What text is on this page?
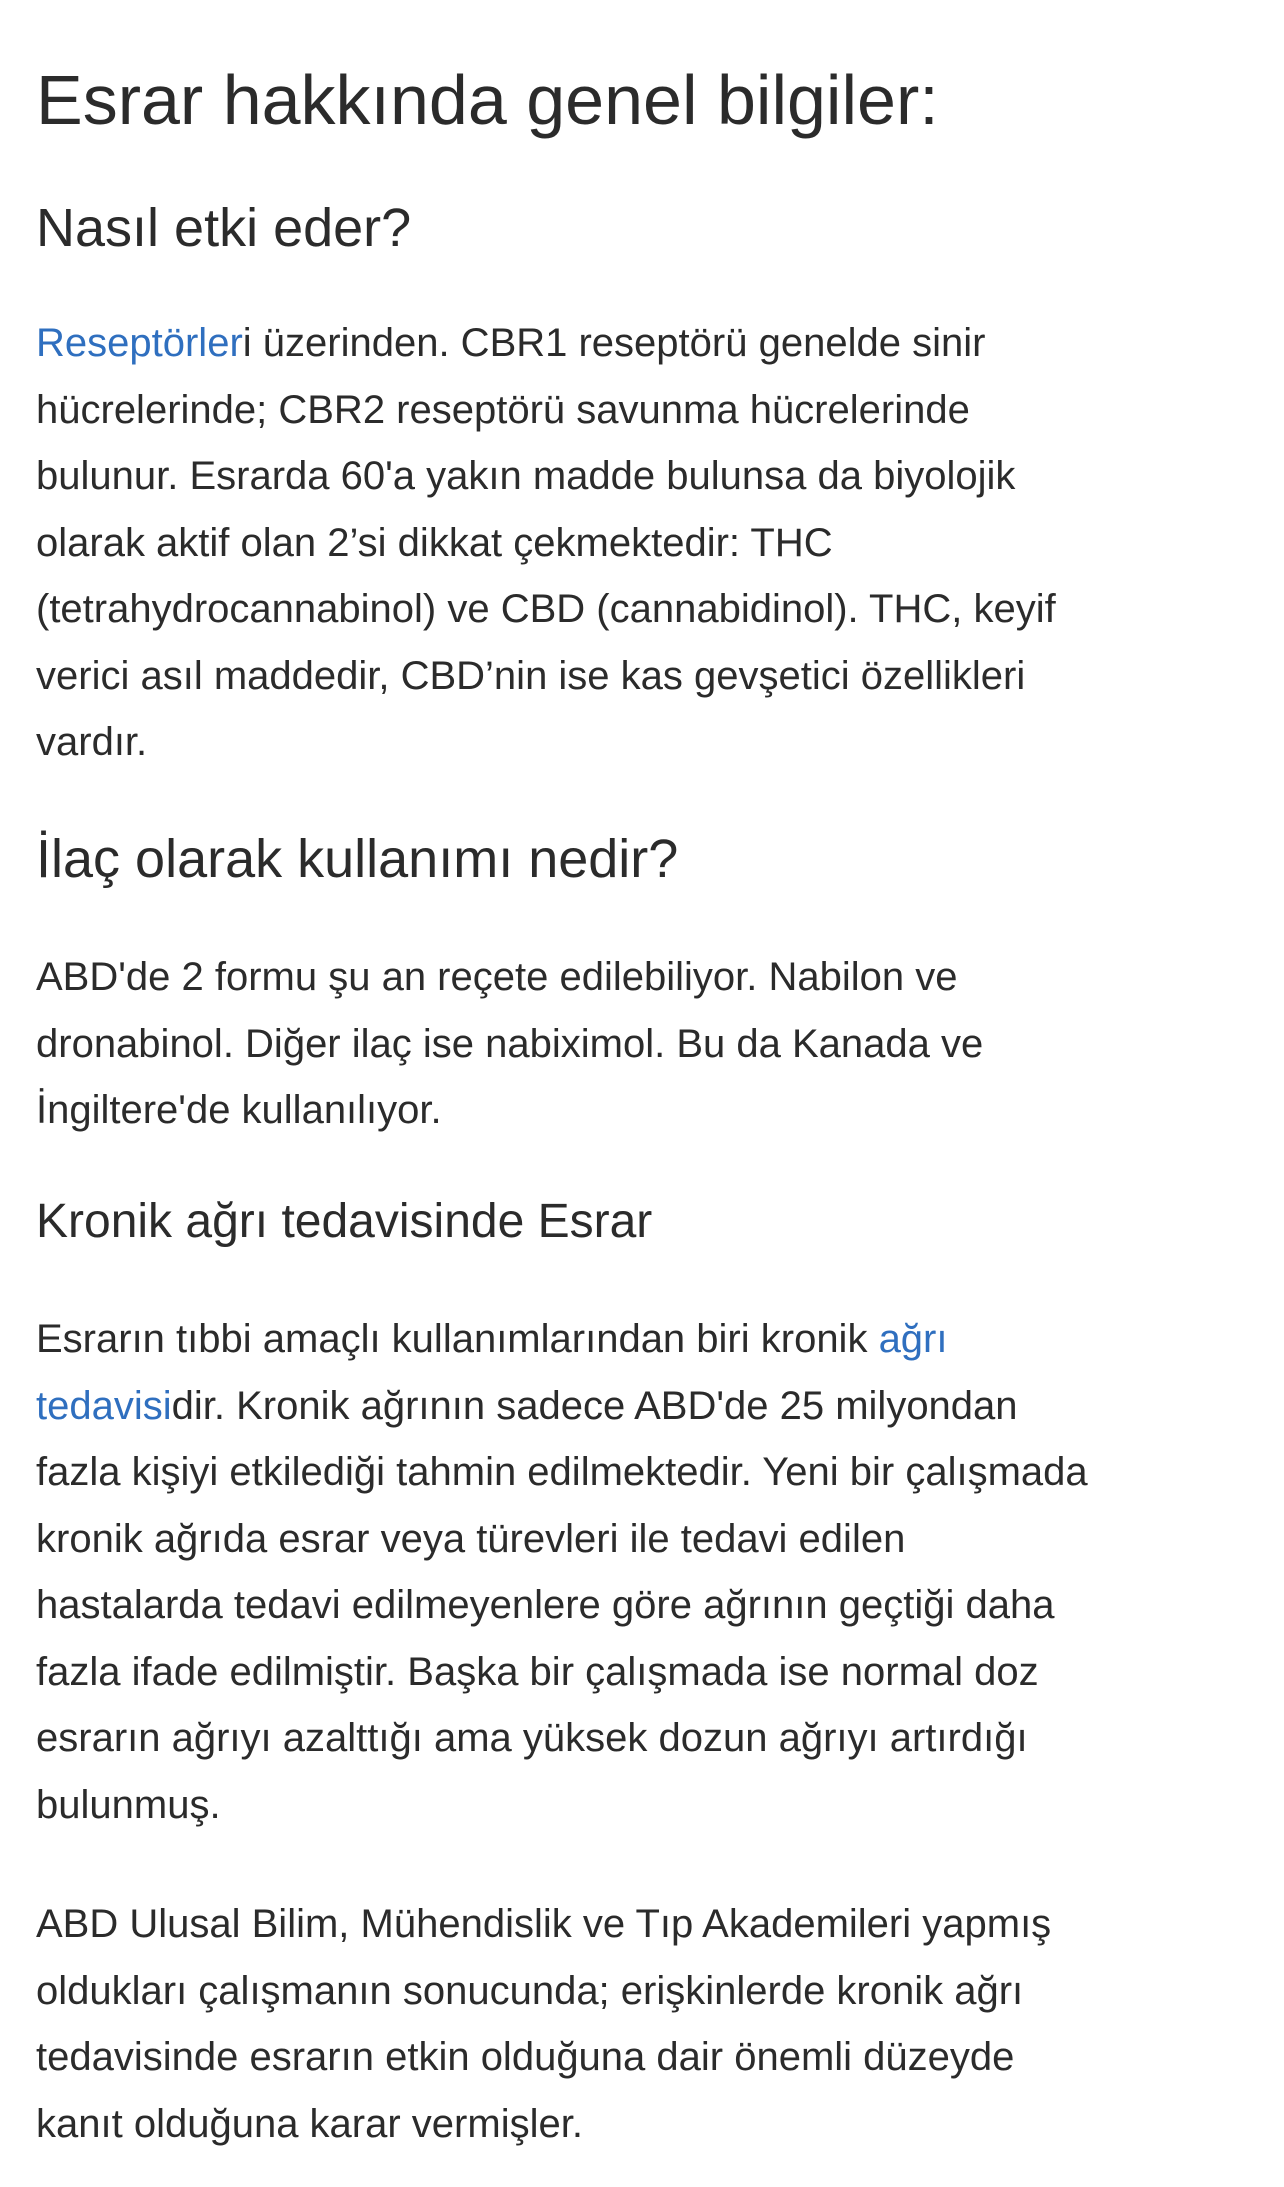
Esrar hakkında genel bilgiler:
Nasıl etki eder?

Reseptörleri üzerinden. CBR1 reseptörü genelde sinir
hücrelerinde; CBR2 reseptörü savunma hücrelerinde
bulunur. Esrarda 60'a yakın madde bulunsa da biyolojik
olarak aktif olan 2’si dikkat çekmektedir: THC
(tetrahydrocannabinol) ve CBD (cannabidinol). THC, keyif
verici asıl maddedir, CBD’nin ise kas gevşetici özellikleri
vardır.

İlaç olarak kullanımı nedir?

ABD'de 2 formu şu an reçete edilebiliyor. Nabilon ve
dronabinol. Diğer ilaç ise nabiximol. Bu da Kanada ve
İngiltere'de kullanılıyor.

Kronik ağrı tedavisinde Esrar

Esrarın tıbbi amaçlı kullanımlarından biri kronik ağrı
tedavisidir. Kronik ağrının sadece ABD'de 25 milyondan
fazla kişiyi etkilediği tahmin edilmektedir. Yeni bir çalışmada
kronik ağrıda esrar veya türevleri ile tedavi edilen
hastalarda tedavi edilmeyenlere göre ağrının geçtiği daha
fazla ifade edilmiştir. Başka bir çalışmada ise normal doz
esrarın ağrıyı azalttığı ama yüksek dozun ağrıyı artırdığı
bulunmuş.

ABD Ulusal Bilim, Mühendislik ve Tıp Akademileri yapmış
oldukları çalışmanın sonucunda; erişkinlerde kronik ağrı
tedavisinde esrarın etkin olduğuna dair önemli düzeyde
kanıt olduğuna karar vermişler.
